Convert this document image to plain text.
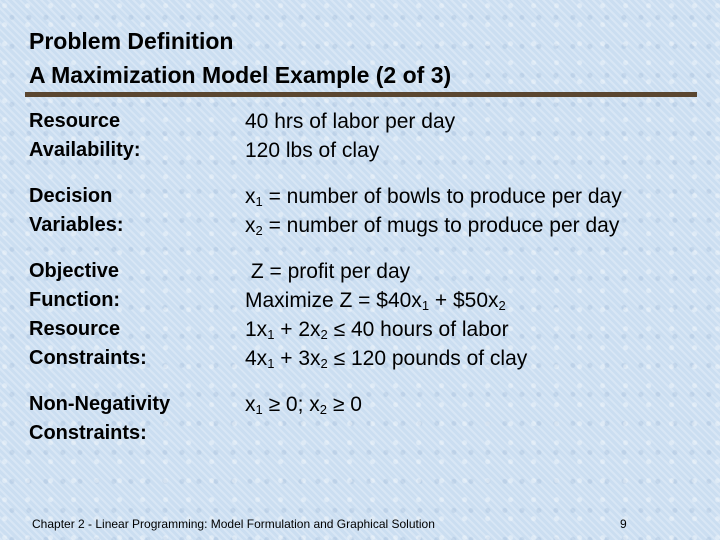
Problem Definition
A Maximization Model Example (2 of 3)
Resource
Availability:
40 hrs of labor per day
120 lbs of clay
Decision
Variables:
$x_1$ = number of bowls to produce per day
$x_2$ = number of mugs to produce per day
Objective
Function:
Resource
Constraints:
Z = profit per day
Maximize $Z = \$40x_1$ + $\$50x_2$
$1x_1 + 2x_2 \le 40$ hours of labor
$4x_1 + 3x_2 \le 120$ pounds of clay
Non-Negativity
Constraints:
$x_1 \ge 0$; $x_2 \ge 0$
Chapter 2 - Linear Programming: Model Formulation and Graphical Solution	9
